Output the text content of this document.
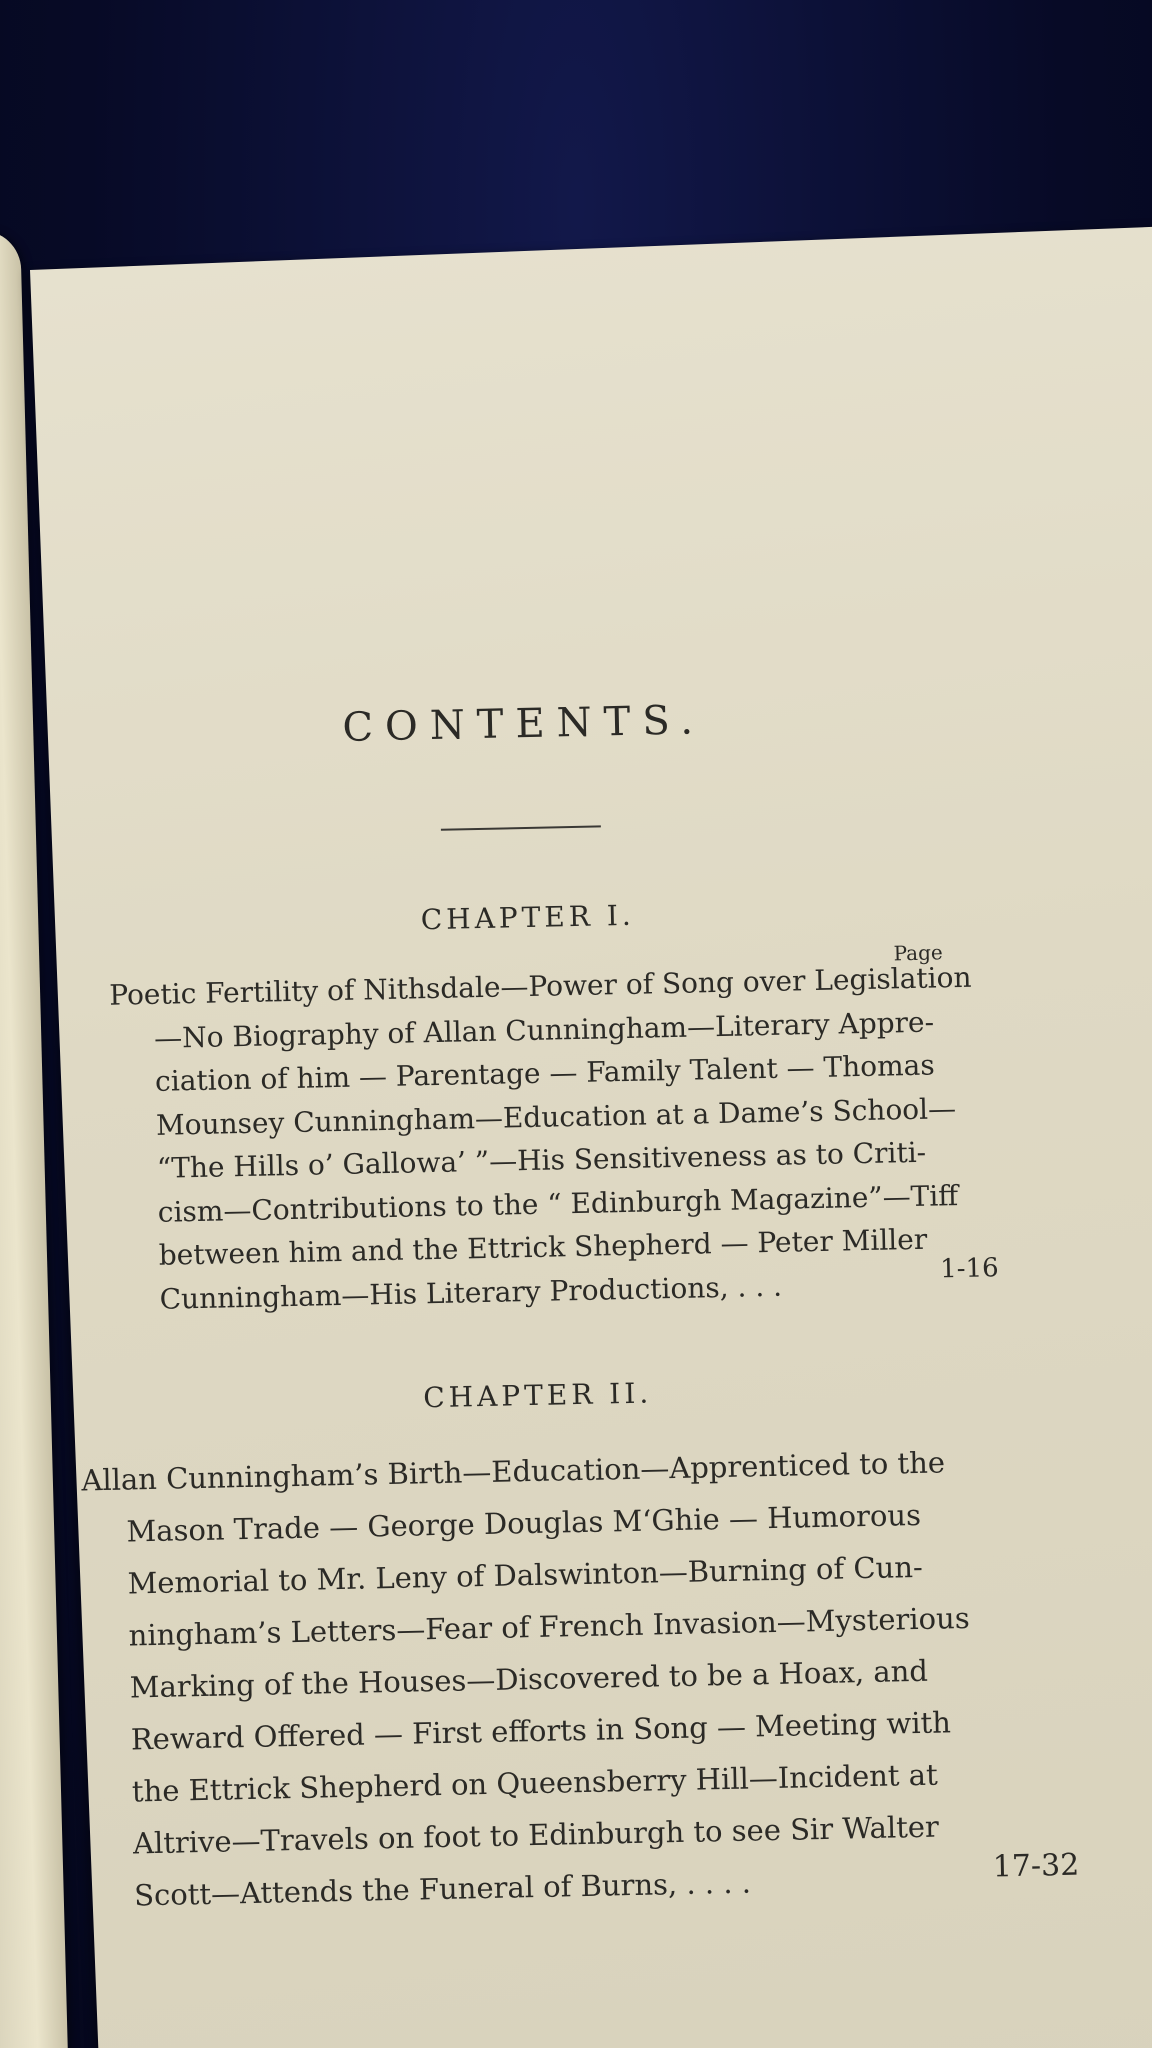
CONTENTS.
CHAPTER I.
Page
Poetic Fertility of Nithsdale—Power of Song over Legislation
—No Biography of Allan Cunningham—Literary Appre-
ciation of him — Parentage — Family Talent — Thomas
Mounsey Cunningham—Education at a Dame’s School—
“The Hills o’ Gallowa’ ”—His Sensitiveness as to Criti-
cism—Contributions to the “ Edinburgh Magazine”—Tiff
between him and the Ettrick Shepherd — Peter Miller
Cunningham—His Literary Productions, . . .
1-16
CHAPTER II.
Allan Cunningham’s Birth—Education—Apprenticed to the
Mason Trade — George Douglas M‘Ghie — Humorous
Memorial to Mr. Leny of Dalswinton—Burning of Cun-
ningham’s Letters—Fear of French Invasion—Mysterious
Marking of the Houses—Discovered to be a Hoax, and
Reward Offered — First efforts in Song — Meeting with
the Ettrick Shepherd on Queensberry Hill—Incident at
Altrive—Travels on foot to Edinburgh to see Sir Walter
Scott—Attends the Funeral of Burns, . . . .	17-32
